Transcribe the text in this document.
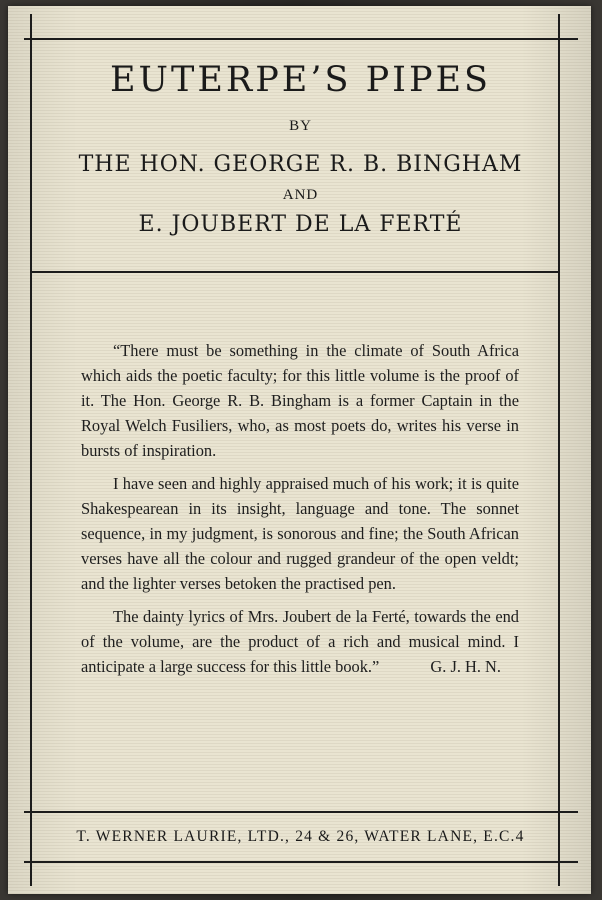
EUTERPE’S PIPES
BY
THE HON. GEORGE R. B. BINGHAM
AND
E. JOUBERT DE LA FERTÉ

“There must be something in the climate of South Africa which aids the poetic faculty; for this little volume is the proof of it. The Hon. George R. B. Bingham is a former Captain in the Royal Welch Fusiliers, who, as most poets do, writes his verse in bursts of inspiration.

I have seen and highly appraised much of his work; it is quite Shakespearean in its insight, language and tone. The sonnet sequence, in my judgment, is sonorous and fine; the South African verses have all the colour and rugged grandeur of the open veldt; and the lighter verses betoken the practised pen.

The dainty lyrics of Mrs. Joubert de la Ferté, towards the end of the volume, are the product of a rich and musical mind. I anticipate a large success for this little book.”	G. J. H. N.

T. WERNER LAURIE, LTD., 24 & 26, WATER LANE, E.C.4
